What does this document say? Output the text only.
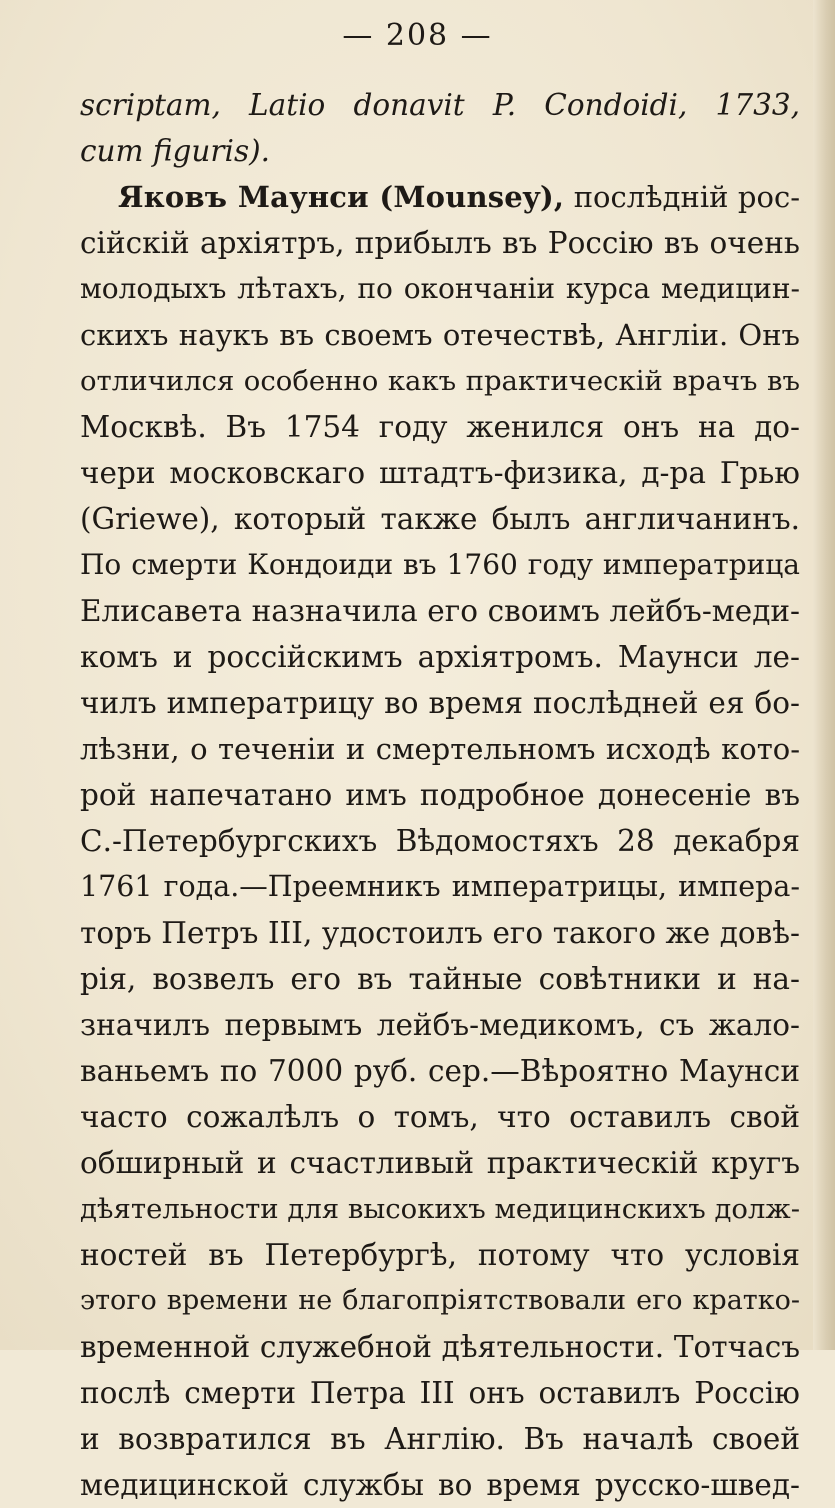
— 208 —
scriptam, Latio donavit P. Condoidi, 1733,
cum figuris).
Яковъ Маунси (Mounsey), послѣдній рос-
сійскій архіятръ, прибылъ въ Россію въ очень
молодыхъ лѣтахъ, по окончаніи курса медицин-
скихъ наукъ въ своемъ отечествѣ, Англіи. Онъ
отличился особенно какъ практическій врачъ въ
Москвѣ. Въ 1754 году женился онъ на до-
чери московскаго штадтъ-физика, д-ра Грью
(Griewe), который также былъ англичанинъ.
По смерти Кондоиди въ 1760 году императрица
Елисавета назначила его своимъ лейбъ-меди-
комъ и россійскимъ архіятромъ. Маунси ле-
чилъ императрицу во время послѣдней ея бо-
лѣзни, о теченіи и смертельномъ исходѣ кото-
рой напечатано имъ подробное донесеніе въ
С.-Петербургскихъ Вѣдомостяхъ 28 декабря
1761 года.—Преемникъ императрицы, импера-
торъ Петръ III, удостоилъ его такого же довѣ-
рія, возвелъ его въ тайные совѣтники и на-
значилъ первымъ лейбъ-медикомъ, съ жало-
ваньемъ по 7000 руб. сер.—Вѣроятно Маунси
часто сожалѣлъ о томъ, что оставилъ свой
обширный и счастливый практическій кругъ
дѣятельности для высокихъ медицинскихъ долж-
ностей въ Петербургѣ, потому что условія
этого времени не благопріятствовали его кратко-
временной служебной дѣятельности. Тотчасъ
послѣ смерти Петра III онъ оставилъ Россію
и возвратился въ Англію. Въ началѣ своей
медицинской службы во время русско-швед-
